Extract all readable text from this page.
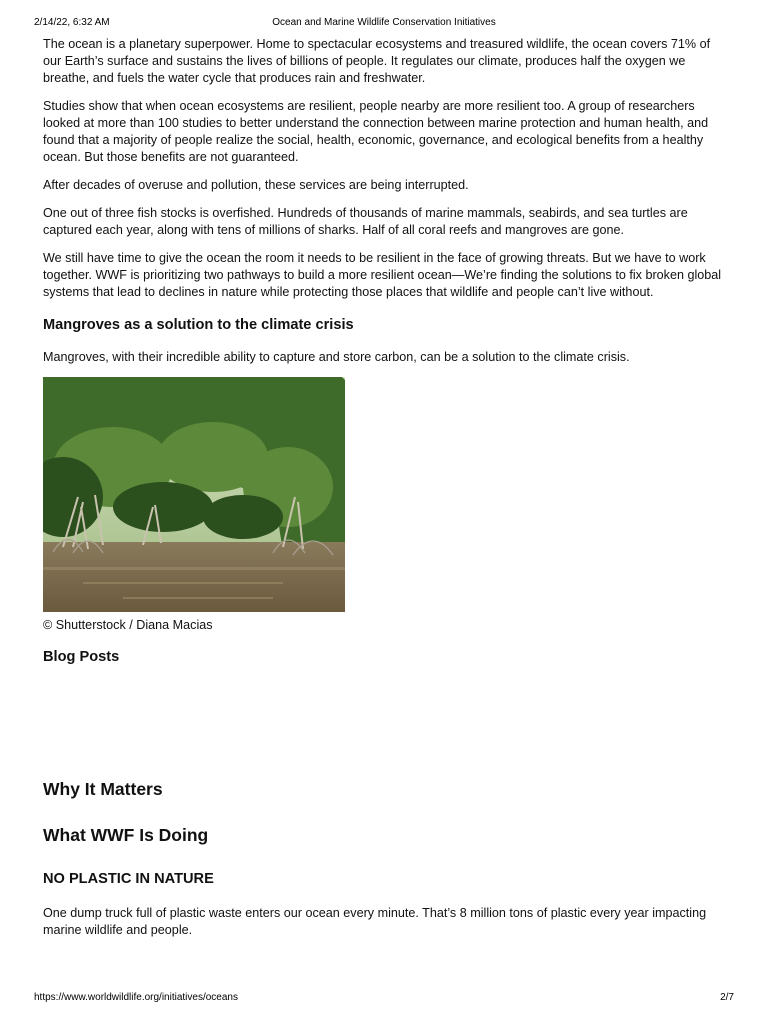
2/14/22, 6:32 AM	Ocean and Marine Wildlife Conservation Initiatives

The ocean is a planetary superpower. Home to spectacular ecosystems and treasured wildlife, the ocean covers 71% of our Earth’s surface and sustains the lives of billions of people. It regulates our climate, produces half the oxygen we breathe, and fuels the water cycle that produces rain and freshwater.

Studies show that when ocean ecosystems are resilient, people nearby are more resilient too. A group of researchers looked at more than 100 studies to better understand the connection between marine protection and human health, and found that a majority of people realize the social, health, economic, governance, and ecological benefits from a healthy ocean. But those benefits are not guaranteed.

After decades of overuse and pollution, these services are being interrupted.

One out of three fish stocks is overfished. Hundreds of thousands of marine mammals, seabirds, and sea turtles are captured each year, along with tens of millions of sharks. Half of all coral reefs and mangroves are gone.

We still have time to give the ocean the room it needs to be resilient in the face of growing threats. But we have to work together. WWF is prioritizing two pathways to build a more resilient ocean—We’re finding the solutions to fix broken global systems that lead to declines in nature while protecting those places that wildlife and people can’t live without.

Mangroves as a solution to the climate crisis

Mangroves, with their incredible ability to capture and store carbon, can be a solution to the climate crisis.

© Shutterstock / Diana Macias
Blog Posts
Why It Matters
What WWF Is Doing
NO PLASTIC IN NATURE

One dump truck full of plastic waste enters our ocean every minute. That’s 8 million tons of plastic every year impacting marine wildlife and people.

https://www.worldwildlife.org/initiatives/oceans	2/7
